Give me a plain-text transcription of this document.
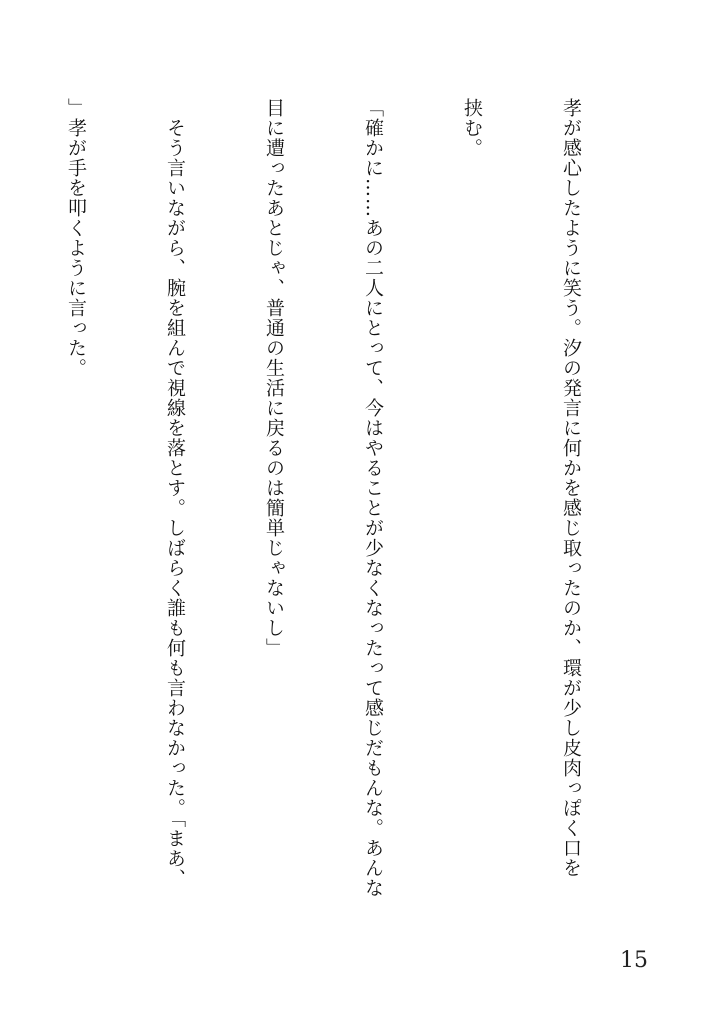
孝が感心したように笑う。汐の発言に何かを感じ取ったのか、環が少し皮肉っぽく口を

挟む。

「確かに……あの二人にとって、今はやることが少なくなったって感じだもんな。あんな

目に遭ったあとじゃ、普通の生活に戻るのは簡単じゃないし」

　そう言いながら、腕を組んで視線を落とす。しばらく誰も何も言わなかった。「まあ、

」孝が手を叩くように言った。

15
